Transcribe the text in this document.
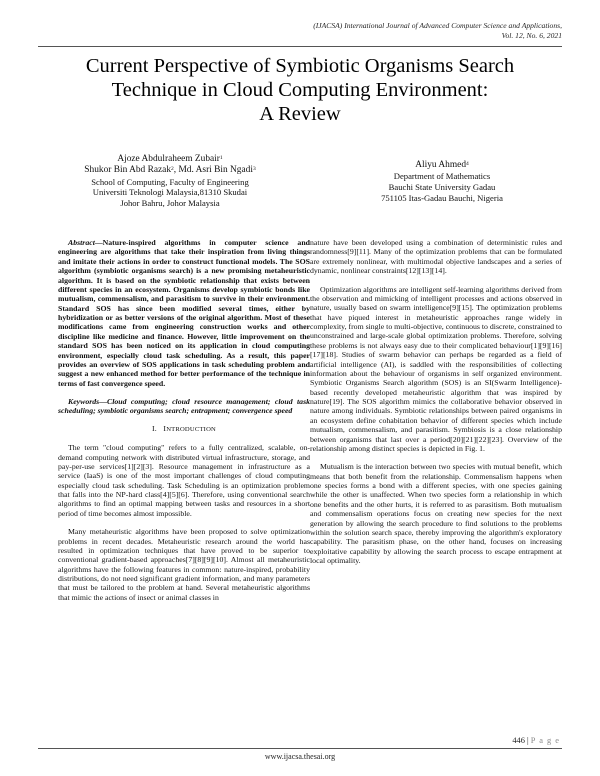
(IJACSA) International Journal of Advanced Computer Science and Applications,
Vol. 12, No. 6, 2021
Current Perspective of Symbiotic Organisms Search
Technique in Cloud Computing Environment:
A Review
Ajoze Abdulraheem Zubair$^1$
Shukor Bin Abd Razak$^2$, Md. Asri Bin Ngadi$^3$
School of Computing, Faculty of Engineering
Universiti Teknologi Malaysia,81310 Skudai
Johor Bahru, Johor Malaysia
Aliyu Ahmed$^4$
Department of Mathematics
Bauchi State University Gadau
751105 Itas-Gadau Bauchi, Nigeria

Abstract—Nature-inspired algorithms in computer science and engineering are algorithms that take their inspiration from living things and imitate their actions in order to construct functional models. The SOS algorithm (symbiotic organisms search) is a new promising metaheuristic algorithm. It is based on the symbiotic relationship that exists between different species in an ecosystem. Organisms develop symbiotic bonds like mutualism, commensalism, and parasitism to survive in their environment. Standard SOS has since been modified several times, either by hybridization or as better versions of the original algorithm. Most of these modifications came from engineering construction works and other discipline like medicine and finance. However, little improvement on the standard SOS has been noticed on its application in cloud computing environment, especially cloud task scheduling. As a result, this paper provides an overview of SOS applications in task scheduling problem and suggest a new enhanced method for better performance of the technique in terms of fast convergence speed.

Keywords—Cloud computing; cloud resource management; cloud task scheduling; symbiotic organisms search; entrapment; convergence speed

I. INTRODUCTION

The term "cloud computing" refers to a fully centralized, scalable, on-demand computing network with distributed virtual infrastructure, storage, and pay-per-use services[1][2][3]. Resource management in infrastructure as a service (IaaS) is one of the most important challenges of cloud computing especially cloud task scheduling. Task Scheduling is an optimization problem that falls into the NP-hard class[4][5][6]. Therefore, using conventional search algorithms to find an optimal mapping between tasks and resources in a short period of time becomes almost impossible.

Many metaheuristic algorithms have been proposed to solve optimization problems in recent decades. Metaheuristic research around the world has resulted in optimization techniques that have proved to be superior to conventional gradient-based approaches[7][8][9][10]. Almost all metaheuristic algorithms have the following features in common: nature-inspired, probability distributions, do not need significant gradient information, and many parameters that must be tailored to the problem at hand. Several metaheuristic algorithms that mimic the actions of insect or animal classes in

nature have been developed using a combination of deterministic rules and randomness[9][11]. Many of the optimization problems that can be formulated are extremely nonlinear, with multimodal objective landscapes and a series of dynamic, nonlinear constraints[12][13][14].

Optimization algorithms are intelligent self-learning algorithms derived from the observation and mimicking of intelligent processes and actions observed in nature, usually based on swarm intelligence[9][15]. The optimization problems that have piqued interest in metaheuristic approaches range widely in complexity, from single to multi-objective, continuous to discrete, constrained to unconstrained and large-scale global optimization problems. Therefore, solving these problems is not always easy due to their complicated behaviour[1][9][16][17][18]. Studies of swarm behavior can perhaps be regarded as a field of artificial intelligence (AI), is saddled with the responsibilities of collecting information about the behaviour of organisms in self organized environment. Symbiotic Organisms Search algorithm (SOS) is an SI(Swarm Intelligence)-based recently developed metaheuristic algorithm that was inspired by nature[19]. The SOS algorithm mimics the collaborative behavior observed in nature among individuals. Symbiotic relationships between paired organisms in an ecosystem define cohabitation behavior of different species which include mutualism, commensalism, and parasitism. Symbiosis is a close relationship between organisms that last over a period[20][21][22][23]. Overview of the relationship among distinct species is depicted in Fig. 1.

Mutualism is the interaction between two species with mutual benefit, which means that both benefit from the relationship. Commensalism happens when one species forms a bond with a different species, with one species gaining while the other is unaffected. When two species form a relationship in which one benefits and the other hurts, it is referred to as parasitism. Both mutualism and commensalism operations focus on creating new species for the next generation by allowing the search procedure to find solutions to the problems within the solution search space, thereby improving the algorithm's exploratory capability. The parasitism phase, on the other hand, focuses on increasing exploitative capability by allowing the search process to escape entrapment at local optimality.

446 | P a g e
www.ijacsa.thesai.org
